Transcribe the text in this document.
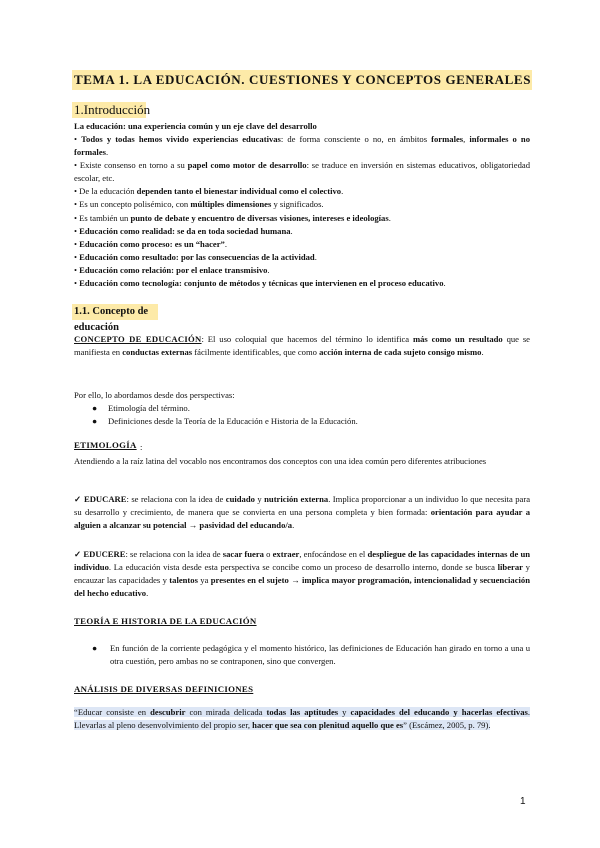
TEMA 1. LA EDUCACIÓN. CUESTIONES Y CONCEPTOS GENERALES
1.Introducción
La educación: una experiencia común y un eje clave del desarrollo
• Todos y todas hemos vivido experiencias educativas: de forma consciente o no, en ámbitos formales, informales o no formales.
• Existe consenso en torno a su papel como motor de desarrollo: se traduce en inversión en sistemas educativos, obligatoriedad escolar, etc.
• De la educación dependen tanto el bienestar individual como el colectivo.
• Es un concepto polisémico, con múltiples dimensiones y significados.
• Es también un punto de debate y encuentro de diversas visiones, intereses e ideologías.
• Educación como realidad: se da en toda sociedad humana.
• Educación como proceso: es un “hacer”.
• Educación como resultado: por las consecuencias de la actividad.
• Educación como relación: por el enlace transmisivo.
• Educación como tecnología: conjunto de métodos y técnicas que intervienen en el proceso educativo.
1.1. Concepto de educación
CONCEPTO DE EDUCACIÓN: El uso coloquial que hacemos del término lo identifica más como un resultado que se manifiesta en conductas externas fácilmente identificables, que como acción interna de cada sujeto consigo mismo.
Por ello, lo abordamos desde dos perspectivas:
● Etimología del término.
● Definiciones desde la Teoría de la Educación e Historia de la Educación.
ETIMOLOGÍA :
Atendiendo a la raíz latina del vocablo nos encontramos dos conceptos con una idea común pero diferentes atribuciones
✓ EDUCARE: se relaciona con la idea de cuidado y nutrición externa. Implica proporcionar a un individuo lo que necesita para su desarrollo y crecimiento, de manera que se convierta en una persona completa y bien formada: orientación para ayudar a alguien a alcanzar su potencial → pasividad del educando/a.
✓ EDUCERE: se relaciona con la idea de sacar fuera o extraer, enfocándose en el despliegue de las capacidades internas de un individuo. La educación vista desde esta perspectiva se concibe como un proceso de desarrollo interno, donde se busca liberar y encauzar las capacidades y talentos ya presentes en el sujeto → implica mayor programación, intencionalidad y secuenciación del hecho educativo.
TEORÍA E HISTORIA DE LA EDUCACIÓN
●	En función de la corriente pedagógica y el momento histórico, las definiciones de Educación han girado en torno a una u otra cuestión, pero ambas no se contraponen, sino que convergen.
ANÁLISIS DE DIVERSAS DEFINICIONES
“Educar consiste en descubrir con mirada delicada todas las aptitudes y capacidades del educando y hacerlas efectivas. Llevarlas al pleno desenvolvimiento del propio ser, hacer que sea con plenitud aquello que es” (Escámez, 2005, p. 79).
1
